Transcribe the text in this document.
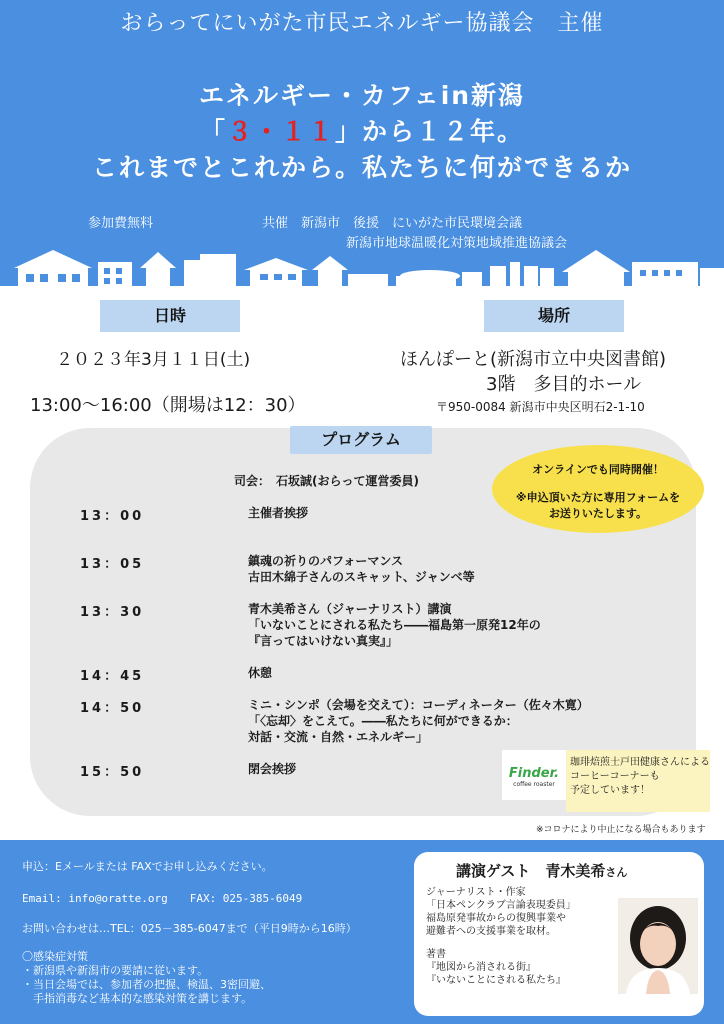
おらってにいがた市民エネルギー協議会　主催
エネルギー・カフェin新潟
「３・１１」から１２年。
これまでとこれから。私たちに何ができるか
参加費無料	共催　新潟市　後援　にいがた市民環境会議
新潟市地球温暖化対策地域推進協議会
日時	場所
２０２３年3月１１日(土)
13:00～16:00（開場は12：30）
ほんぽーと(新潟市立中央図書館)
3階　多目的ホール
〒950-0084 新潟市中央区明石2-1-10
プログラム
司会：　石坂誠(おらって運営委員)
13：00	主催者挨拶
13：05	鎮魂の祈りのパフォーマンス
古田木綿子さんのスキャット、ジャンベ等
13：30	青木美希さん（ジャーナリスト）講演
「いないことにされる私たち――福島第一原発12年の
『言ってはいけない真実』」
14：45	休憩
14：50	ミニ・シンポ（会場を交えて）：コーディネーター（佐々木寛）
「〈忘却〉をこえて。――私たちに何ができるか：
対話・交流・自然・エネルギー」
15：50	閉会挨拶
オンラインでも同時開催！
※申込頂いた方に専用フォームを
お送りいたします。
Finder.
coffee roaster
珈琲焙煎士戸田健康さんによる
コーヒーコーナーも
予定しています！
※コロナにより中止になる場合もあります
申込：Eメールまたは FAXでお申し込みください。
Email: info@oratte.org　　FAX: 025-385-6049
お問い合わせは…TEL：025－385-6047まで（平日9時から16時）
〇感染症対策
・新潟県や新潟市の要請に従います。
・当日会場では、参加者の把握、検温、3密回避、
　手指消毒など基本的な感染対策を講じます。
講演ゲスト　青木美希さん
ジャーナリスト・作家
「日本ペンクラブ言論表現委員」
福島原発事故からの復興事業や
避難者への支援事業を取材。
著書
『地図から消される街』
『いないことにされる私たち』
